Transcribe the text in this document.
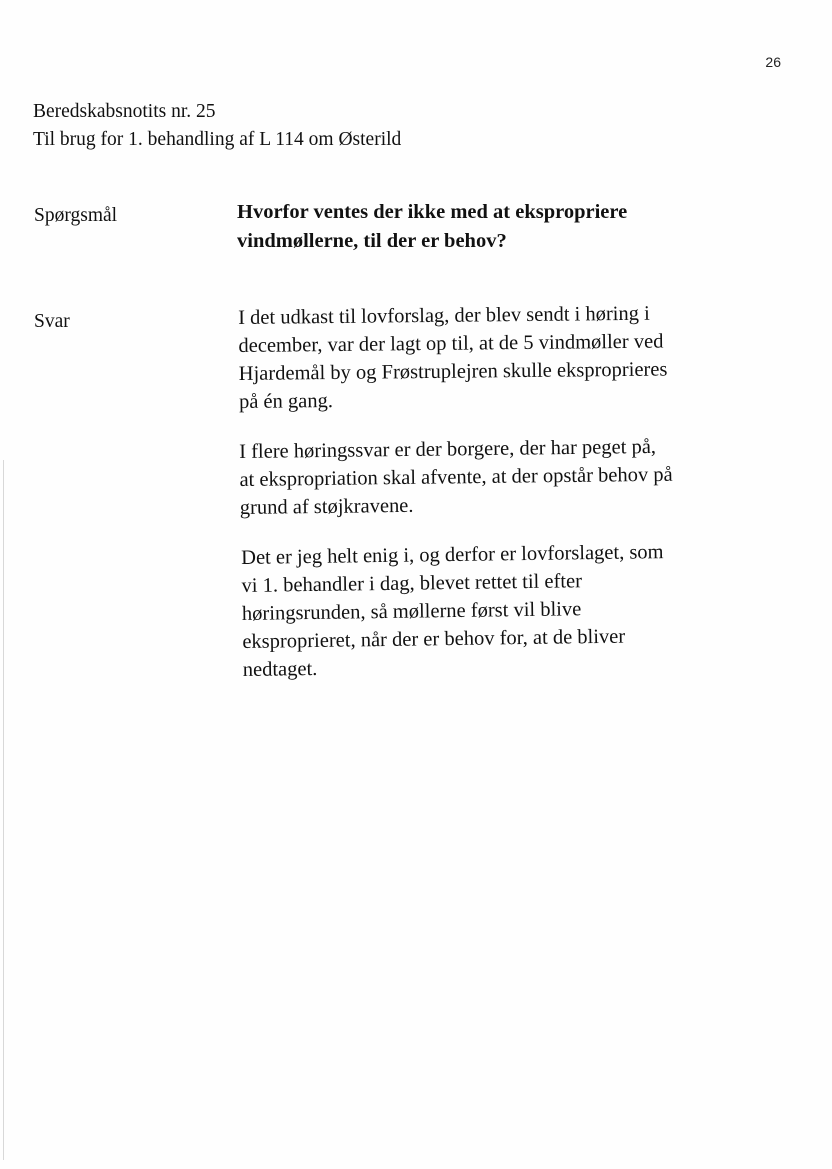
26
Beredskabsnotits nr. 25
Til brug for 1. behandling af L 114 om Østerild
Spørgsmål	Hvorfor ventes der ikke med at ekspropriere
vindmøllerne, til der er behov?
Svar	I det udkast til lovforslag, der blev sendt i høring i
december, var der lagt op til, at de 5 vindmøller ved
Hjardemål by og Frøstruplejren skulle eksproprieres
på én gang.
I flere høringssvar er der borgere, der har peget på,
at ekspropriation skal afvente, at der opstår behov på
grund af støjkravene.
Det er jeg helt enig i, og derfor er lovforslaget, som
vi 1. behandler i dag, blevet rettet til efter
høringsrunden, så møllerne først vil blive
eksproprieret, når der er behov for, at de bliver
nedtaget.
